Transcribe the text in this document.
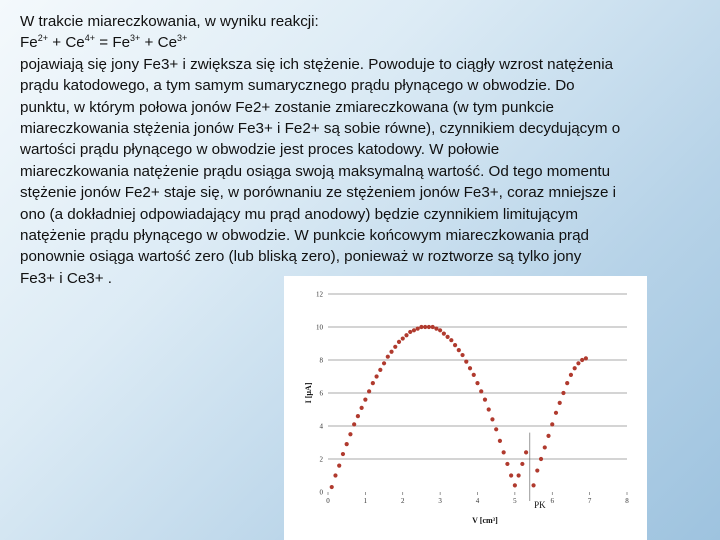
W trakcie miareczkowania, w wyniku reakcji:

$Fe^{2+} + Ce^{4+} = Fe^{3+} + Ce^{3+}$

pojawiają się jony Fe3+ i zwiększa się ich stężenie. Powoduje to ciągły wzrost natężenia

prądu katodowego, a tym samym sumarycznego prądu płynącego w obwodzie. Do

punktu, w którym połowa jonów Fe2+ zostanie zmiareczkowana (w tym punkcie

miareczkowania stężenia jonów Fe3+ i Fe2+ są sobie równe), czynnikiem decydującym o

wartości prądu płynącego w obwodzie jest proces katodowy. W połowie

miareczkowania natężenie prądu osiąga swoją maksymalną wartość. Od tego momentu

stężenie jonów Fe2+ staje się, w porównaniu ze stężeniem jonów Fe3+, coraz mniejsze i

ono (a dokładniej odpowiadający mu prąd anodowy) będzie czynnikiem limitującym

natężenie prądu płynącego w obwodzie. W punkcie końcowym miareczkowania prąd

ponownie osiąga wartość zero (lub bliską zero), ponieważ w roztworze są tylko jony

Fe3+ i Ce3+ .

0
2
4
6
8
10
12
0	1	2	3	4	5	6	7	8
V [cm³]
I [μA]
PK
